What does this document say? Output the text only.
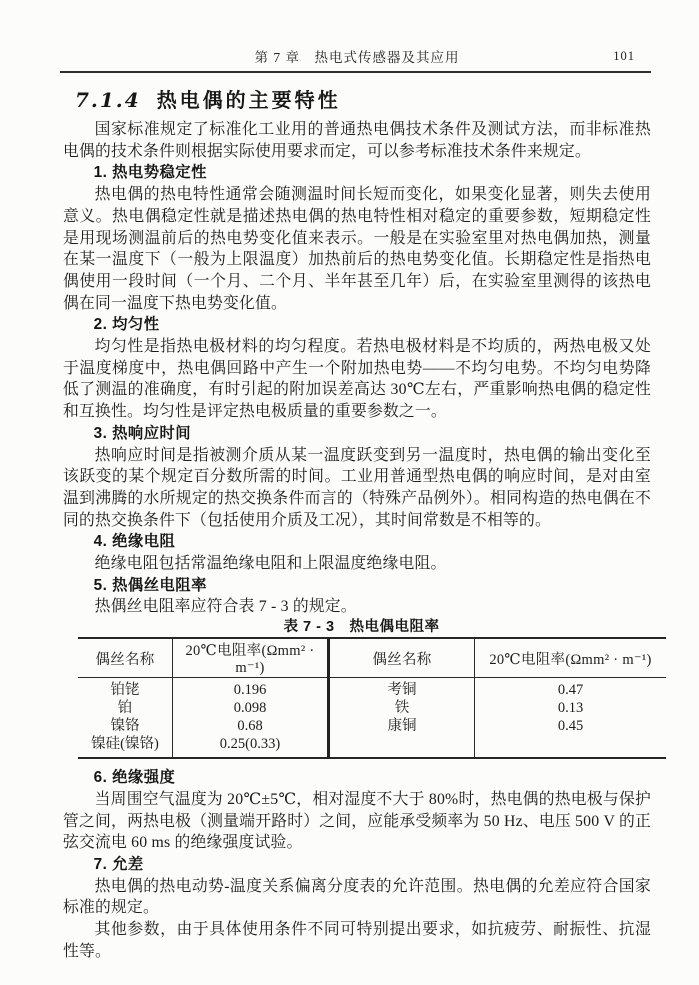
第 7 章　热电式传感器及其应用	101
7.1.4 热电偶的主要特性

国家标准规定了标准化工业用的普通热电偶技术条件及测试方法，而非标准热电偶的技术条件则根据实际使用要求而定，可以参考标准技术条件来规定。

1. 热电势稳定性

热电偶的热电特性通常会随测温时间长短而变化，如果变化显著，则失去使用意义。热电偶稳定性就是描述热电偶的热电特性相对稳定的重要参数，短期稳定性是用现场测温前后的热电势变化值来表示。一般是在实验室里对热电偶加热，测量在某一温度下（一般为上限温度）加热前后的热电势变化值。长期稳定性是指热电偶使用一段时间（一个月、二个月、半年甚至几年）后，在实验室里测得的该热电偶在同一温度下热电势变化值。

2. 均匀性

均匀性是指热电极材料的均匀程度。若热电极材料是不均质的，两热电极又处于温度梯度中，热电偶回路中产生一个附加热电势——不均匀电势。不均匀电势降低了测温的准确度，有时引起的附加误差高达 30℃左右，严重影响热电偶的稳定性和互换性。均匀性是评定热电极质量的重要参数之一。

3. 热响应时间

热响应时间是指被测介质从某一温度跃变到另一温度时，热电偶的输出变化至该跃变的某个规定百分数所需的时间。工业用普通型热电偶的响应时间，是对由室温到沸腾的水所规定的热交换条件而言的（特殊产品例外）。相同构造的热电偶在不同的热交换条件下（包括使用介质及工况），其时间常数是不相等的。

4. 绝缘电阻

绝缘电阻包括常温绝缘电阻和上限温度绝缘电阻。

5. 热偶丝电阻率

热偶丝电阻率应符合表 7 - 3 的规定。

表 7 - 3　热电偶电阻率
偶丝名称	20℃电阻率(Ωmm² · m⁻¹)	偶丝名称	20℃电阻率(Ωmm² · m⁻¹)
铂铑	0.196	考铜	0.47
铂	0.098	铁	0.13
镍铬	0.68	康铜	0.45
镍硅(镍铬)	0.25(0.33)		
6. 绝缘强度

当周围空气温度为 20℃±5℃，相对湿度不大于 80%时，热电偶的热电极与保护管之间，两热电极（测量端开路时）之间，应能承受频率为 50 Hz、电压 500 V 的正弦交流电 60 ms 的绝缘强度试验。

7. 允差

热电偶的热电动势-温度关系偏离分度表的允许范围。热电偶的允差应符合国家标准的规定。

其他参数，由于具体使用条件不同可特别提出要求，如抗疲劳、耐振性、抗湿性等。
